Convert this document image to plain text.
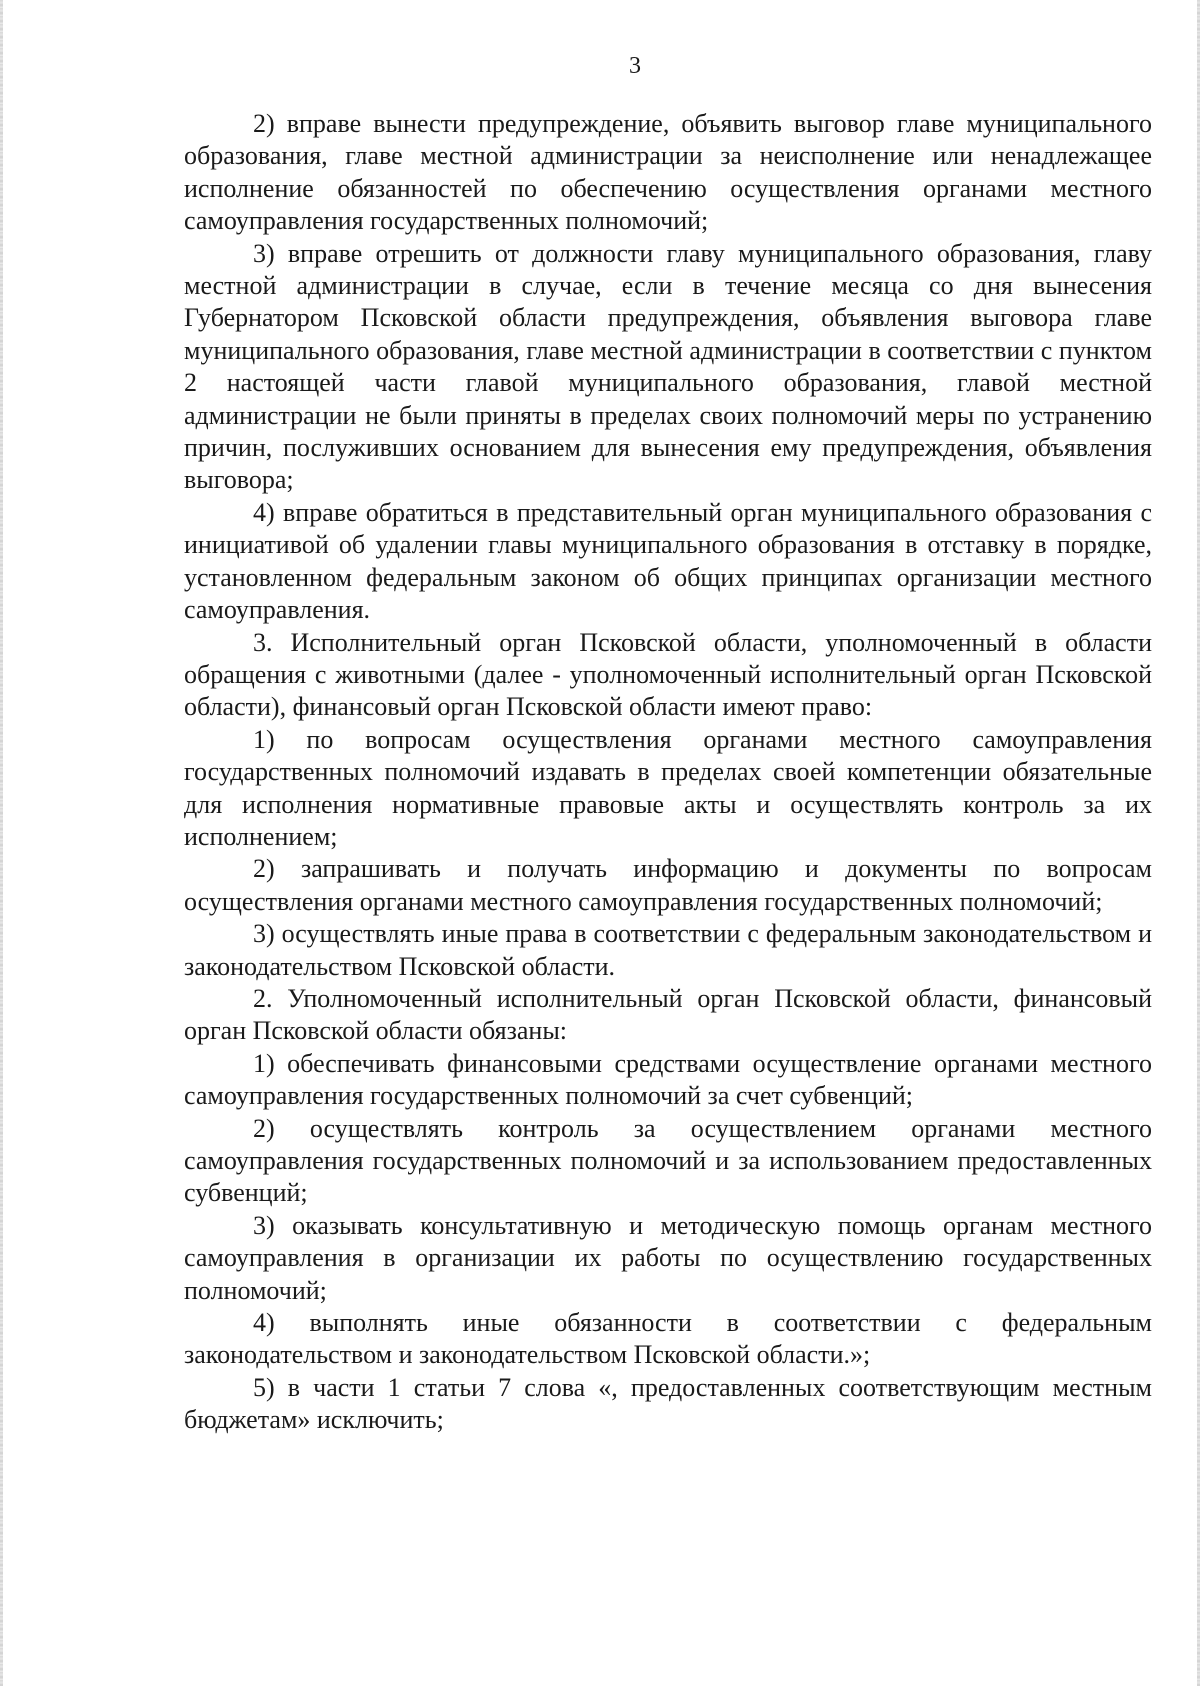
3

2) вправе вынести предупреждение, объявить выговор главе муниципального образования, главе местной администрации за неисполнение или ненадлежащее исполнение обязанностей по обеспечению осуществления органами местного самоуправления государственных полномочий;

3) вправе отрешить от должности главу муниципального образования, главу местной администрации в случае, если в течение месяца со дня вынесения Губернатором Псковской области предупреждения, объявления выговора главе муниципального образования, главе местной администрации в соответствии с пунктом 2 настоящей части главой муниципального образования, главой местной администрации не были приняты в пределах своих полномочий меры по устранению причин, послуживших основанием для вынесения ему предупреждения, объявления выговора;

4) вправе обратиться в представительный орган муниципального образования с инициативой об удалении главы муниципального образования в отставку в порядке, установленном федеральным законом об общих принципах организации местного самоуправления.

3. Исполнительный орган Псковской области, уполномоченный в области обращения с животными (далее - уполномоченный исполнительный орган Псковской области), финансовый орган Псковской области имеют право:

1) по вопросам осуществления органами местного самоуправления государственных полномочий издавать в пределах своей компетенции обязательные для исполнения нормативные правовые акты и осуществлять контроль за их исполнением;

2) запрашивать и получать информацию и документы по вопросам осуществления органами местного самоуправления государственных полномочий;

3) осуществлять иные права в соответствии с федеральным законодательством и законодательством Псковской области.

2. Уполномоченный исполнительный орган Псковской области, финансовый орган Псковской области обязаны:

1) обеспечивать финансовыми средствами осуществление органами местного самоуправления государственных полномочий за счет субвенций;

2) осуществлять контроль за осуществлением органами местного самоуправления государственных полномочий и за использованием предоставленных субвенций;

3) оказывать консультативную и методическую помощь органам местного самоуправления в организации их работы по осуществлению государственных полномочий;

4) выполнять иные обязанности в соответствии с федеральным законодательством и законодательством Псковской области.»;

5) в части 1 статьи 7 слова «, предоставленных соответствующим местным бюджетам» исключить;
